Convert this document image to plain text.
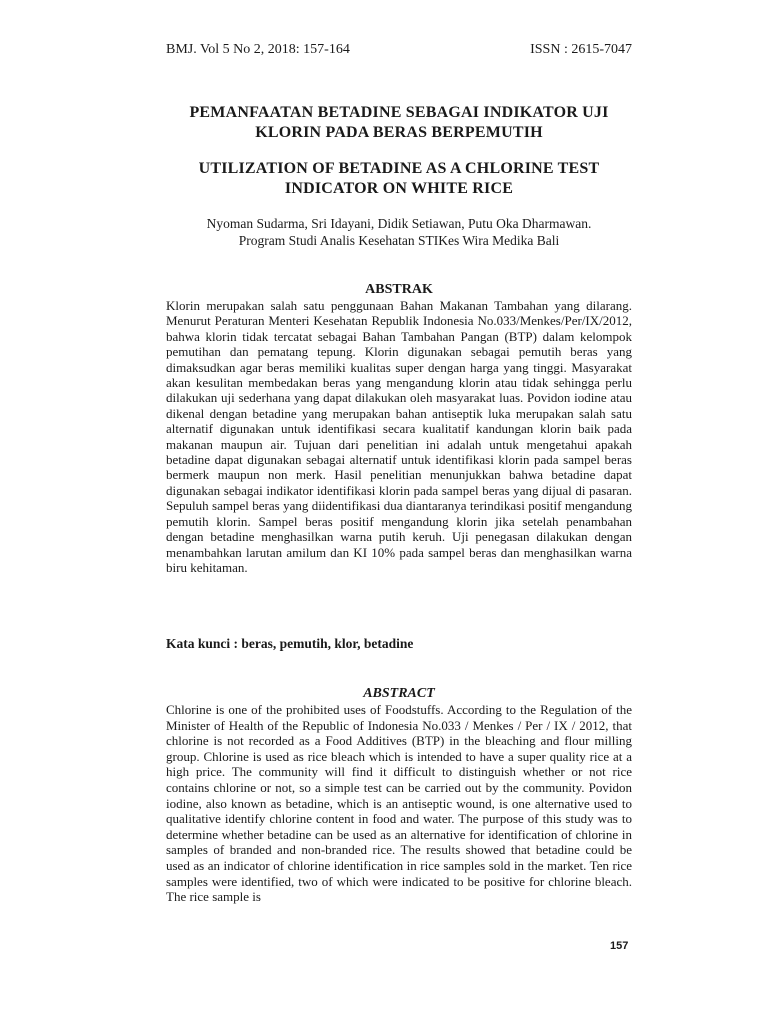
BMJ. Vol 5 No 2, 2018: 157-164	ISSN : 2615-7047

PEMANFAATAN BETADINE SEBAGAI INDIKATOR UJI KLORIN PADA BERAS BERPEMUTIH

UTILIZATION OF BETADINE AS A CHLORINE TEST INDICATOR ON WHITE RICE

Nyoman Sudarma, Sri Idayani, Didik Setiawan, Putu Oka Dharmawan.
Program Studi Analis Kesehatan STIKes Wira Medika Bali
ABSTRAK

Klorin merupakan salah satu penggunaan Bahan Makanan Tambahan yang dilarang. Menurut Peraturan Menteri Kesehatan Republik Indonesia No.033/Menkes/Per/IX/2012, bahwa klorin tidak tercatat sebagai Bahan Tambahan Pangan (BTP) dalam kelompok pemutihan dan pematang tepung. Klorin digunakan sebagai pemutih beras yang dimaksudkan agar beras memiliki kualitas super dengan harga yang tinggi. Masyarakat akan kesulitan membedakan beras yang mengandung klorin atau tidak sehingga perlu dilakukan uji sederhana yang dapat dilakukan oleh masyarakat luas. Povidon iodine atau dikenal dengan betadine yang merupakan bahan antiseptik luka merupakan salah satu alternatif digunakan untuk identifikasi secara kualitatif kandungan klorin baik pada makanan maupun air. Tujuan dari penelitian ini adalah untuk mengetahui apakah betadine dapat digunakan sebagai alternatif untuk identifikasi klorin pada sampel beras bermerk maupun non merk. Hasil penelitian menunjukkan bahwa betadine dapat digunakan sebagai indikator identifikasi klorin pada sampel beras yang dijual di pasaran. Sepuluh sampel beras yang diidentifikasi dua diantaranya terindikasi positif mengandung pemutih klorin. Sampel beras positif mengandung klorin jika setelah penambahan dengan betadine menghasilkan warna putih keruh. Uji penegasan dilakukan dengan menambahkan larutan amilum dan KI 10% pada sampel beras dan menghasilkan warna biru kehitaman.

Kata kunci : beras, pemutih, klor, betadine
ABSTRACT

Chlorine is one of the prohibited uses of Foodstuffs. According to the Regulation of the Minister of Health of the Republic of Indonesia No.033 / Menkes / Per / IX / 2012, that chlorine is not recorded as a Food Additives (BTP) in the bleaching and flour milling group. Chlorine is used as rice bleach which is intended to have a super quality rice at a high price. The community will find it difficult to distinguish whether or not rice contains chlorine or not, so a simple test can be carried out by the community. Povidon iodine, also known as betadine, which is an antiseptic wound, is one alternative used to qualitative identify chlorine content in food and water. The purpose of this study was to determine whether betadine can be used as an alternative for identification of chlorine in samples of branded and non-branded rice. The results showed that betadine could be used as an indicator of chlorine identification in rice samples sold in the market. Ten rice samples were identified, two of which were indicated to be positive for chlorine bleach. The rice sample is

157
